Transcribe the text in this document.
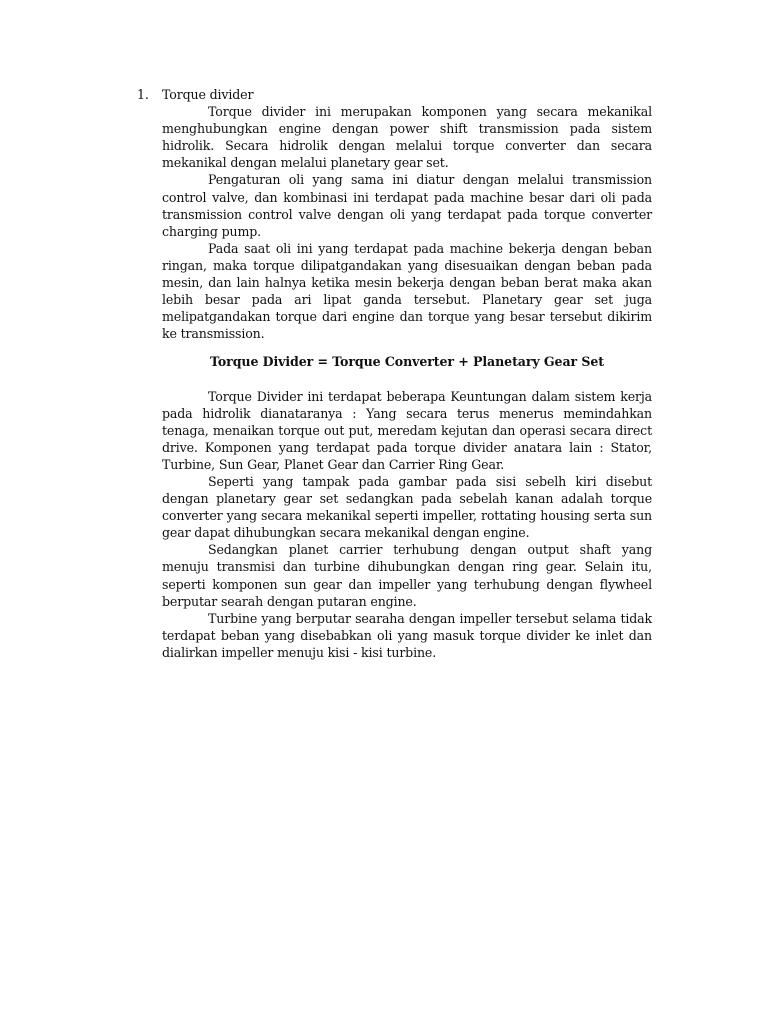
1. Torque divider

Torque divider ini merupakan komponen yang secara mekanikal menghubungkan engine dengan power shift transmission pada sistem hidrolik. Secara hidrolik dengan melalui torque converter dan secara mekanikal dengan melalui planetary gear set.

Pengaturan oli yang sama ini diatur dengan melalui transmission control valve, dan kombinasi ini terdapat pada machine besar dari oli pada transmission control valve dengan oli yang terdapat pada torque converter charging pump.

Pada saat oli ini yang terdapat pada machine bekerja dengan beban ringan, maka torque dilipatgandakan yang disesuaikan dengan beban pada mesin, dan lain halnya ketika mesin bekerja dengan beban berat maka akan lebih besar pada ari lipat ganda tersebut. Planetary gear set juga melipatgandakan torque dari engine dan torque yang besar tersebut dikirim ke transmission.

Torque Divider = Torque Converter + Planetary Gear Set

Torque Divider ini terdapat beberapa Keuntungan dalam sistem kerja pada hidrolik dianataranya : Yang secara terus menerus memindahkan tenaga, menaikan torque out put, meredam kejutan dan operasi secara direct drive. Komponen yang terdapat pada torque divider anatara lain : Stator, Turbine, Sun Gear, Planet Gear dan Carrier Ring Gear.

Seperti yang tampak pada gambar pada sisi sebelh kiri disebut dengan planetary gear set sedangkan pada sebelah kanan adalah torque converter yang secara mekanikal seperti impeller, rottating housing serta sun gear dapat dihubungkan secara mekanikal dengan engine.

Sedangkan planet carrier terhubung dengan output shaft yang menuju transmisi dan turbine dihubungkan dengan ring gear. Selain itu, seperti komponen sun gear dan impeller yang terhubung dengan flywheel berputar searah dengan putaran engine.

Turbine yang berputar searaha dengan impeller tersebut selama tidak terdapat beban yang disebabkan oli yang masuk torque divider ke inlet dan dialirkan impeller menuju kisi - kisi turbine.
